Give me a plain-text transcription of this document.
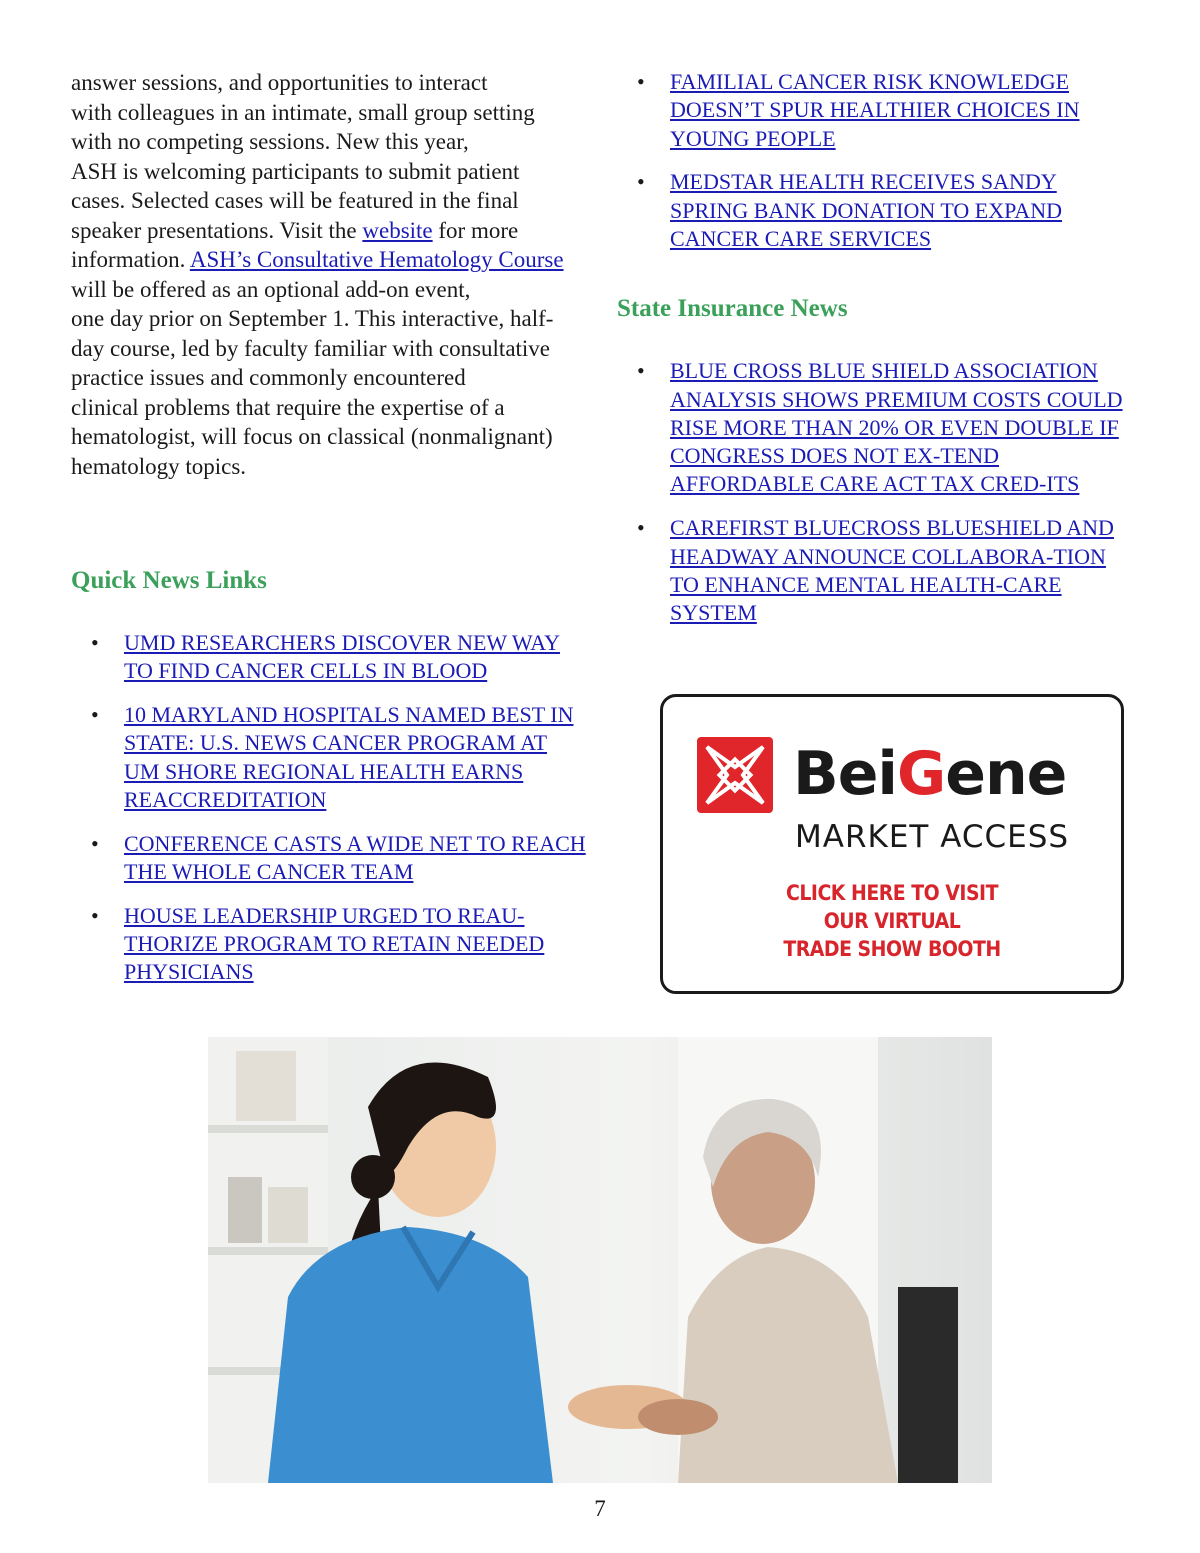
answer sessions, and opportunities to interact
with colleagues in an intimate, small group setting
with no competing sessions. New this year,
ASH is welcoming participants to submit patient
cases. Selected cases will be featured in the final
speaker presentations. Visit the website for more
information. ASH’s Consultative Hematology Course will be offered as an optional add-on event,
one day prior on September 1. This interactive, half-
day course, led by faculty familiar with consultative
practice issues and commonly encountered
clinical problems that require the expertise of a
hematologist, will focus on classical (nonmalignant)
hematology topics.

Quick News Links
• UMD RESEARCHERS DISCOVER NEW WAY TO FIND CANCER CELLS IN BLOOD
• 10 MARYLAND HOSPITALS NAMED BEST IN STATE: U.S. NEWS CANCER PROGRAM AT UM SHORE REGIONAL HEALTH EARNS REACCREDITATION
• CONFERENCE CASTS A WIDE NET TO REACH THE WHOLE CANCER TEAM
• HOUSE LEADERSHIP URGED TO REAU-THORIZE PROGRAM TO RETAIN NEEDED PHYSICIANS
• FAMILIAL CANCER RISK KNOWLEDGE DOESN’T SPUR HEALTHIER CHOICES IN YOUNG PEOPLE
• MEDSTAR HEALTH RECEIVES SANDY SPRING BANK DONATION TO EXPAND CANCER CARE SERVICES
State Insurance News
• BLUE CROSS BLUE SHIELD ASSOCIATION ANALYSIS SHOWS PREMIUM COSTS COULD RISE MORE THAN 20% OR EVEN DOUBLE IF CONGRESS DOES NOT EX-TEND AFFORDABLE CARE ACT TAX CRED-ITS
• CAREFIRST BLUECROSS BLUESHIELD AND HEADWAY ANNOUNCE COLLABORA-TION TO ENHANCE MENTAL HEALTH-CARE SYSTEM
BeiGene
MARKET ACCESS
CLICK HERE TO VISIT
OUR VIRTUAL
TRADE SHOW BOOTH
7
